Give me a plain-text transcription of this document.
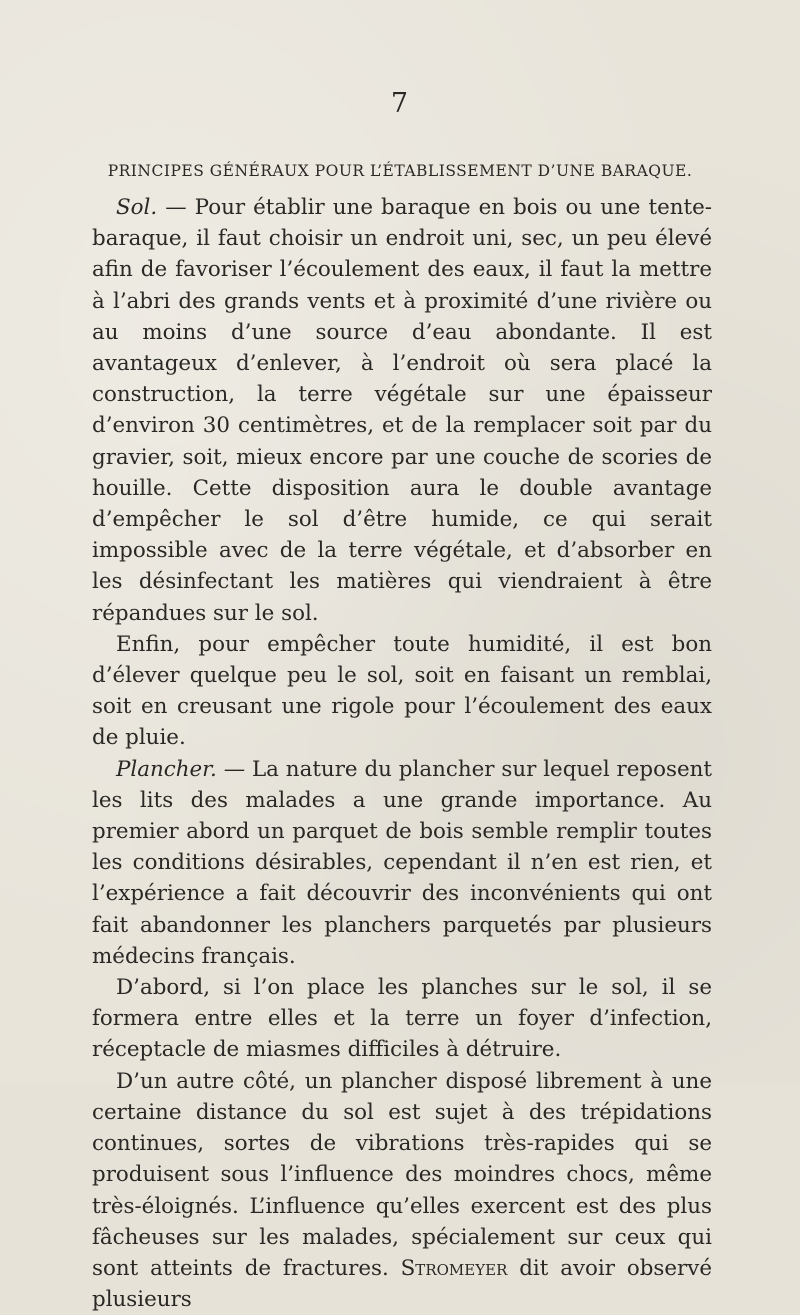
7
PRINCIPES GÉNÉRAUX POUR L’ÉTABLISSEMENT D’UNE BARAQUE.

Sol. — Pour établir une baraque en bois ou une tente-baraque, il faut choisir un endroit uni, sec, un peu élevé afin de favoriser l’écoulement des eaux, il faut la mettre à l’abri des grands vents et à proximité d’une rivière ou au moins d’une source d’eau abondante. Il est avantageux d’enlever, à l’endroit où sera placé la construction, la terre végétale sur une épaisseur d’environ 30 centimètres, et de la remplacer soit par du gravier, soit, mieux encore par une couche de scories de houille. Cette disposition aura le double avantage d’empêcher le sol d’être humide, ce qui serait impossible avec de la terre végétale, et d’absorber en les désinfectant les matières qui viendraient à être répandues sur le sol.

Enfin, pour empêcher toute humidité, il est bon d’élever quelque peu le sol, soit en faisant un remblai, soit en creusant une rigole pour l’écoulement des eaux de pluie.

Plancher. — La nature du plancher sur lequel reposent les lits des malades a une grande importance. Au premier abord un parquet de bois semble remplir toutes les conditions désirables, cependant il n’en est rien, et l’expérience a fait découvrir des inconvénients qui ont fait abandonner les planchers parquetés par plusieurs médecins français.

D’abord, si l’on place les planches sur le sol, il se formera entre elles et la terre un foyer d’infection, réceptacle de miasmes difficiles à détruire.

D’un autre côté, un plancher disposé librement à une certaine distance du sol est sujet à des trépidations continues, sortes de vibrations très-rapides qui se produisent sous l’influence des moindres chocs, même très-éloignés. L’influence qu’elles exercent est des plus fâcheuses sur les malades, spécialement sur ceux qui sont atteints de fractures. Stromeyer dit avoir observé plusieurs
